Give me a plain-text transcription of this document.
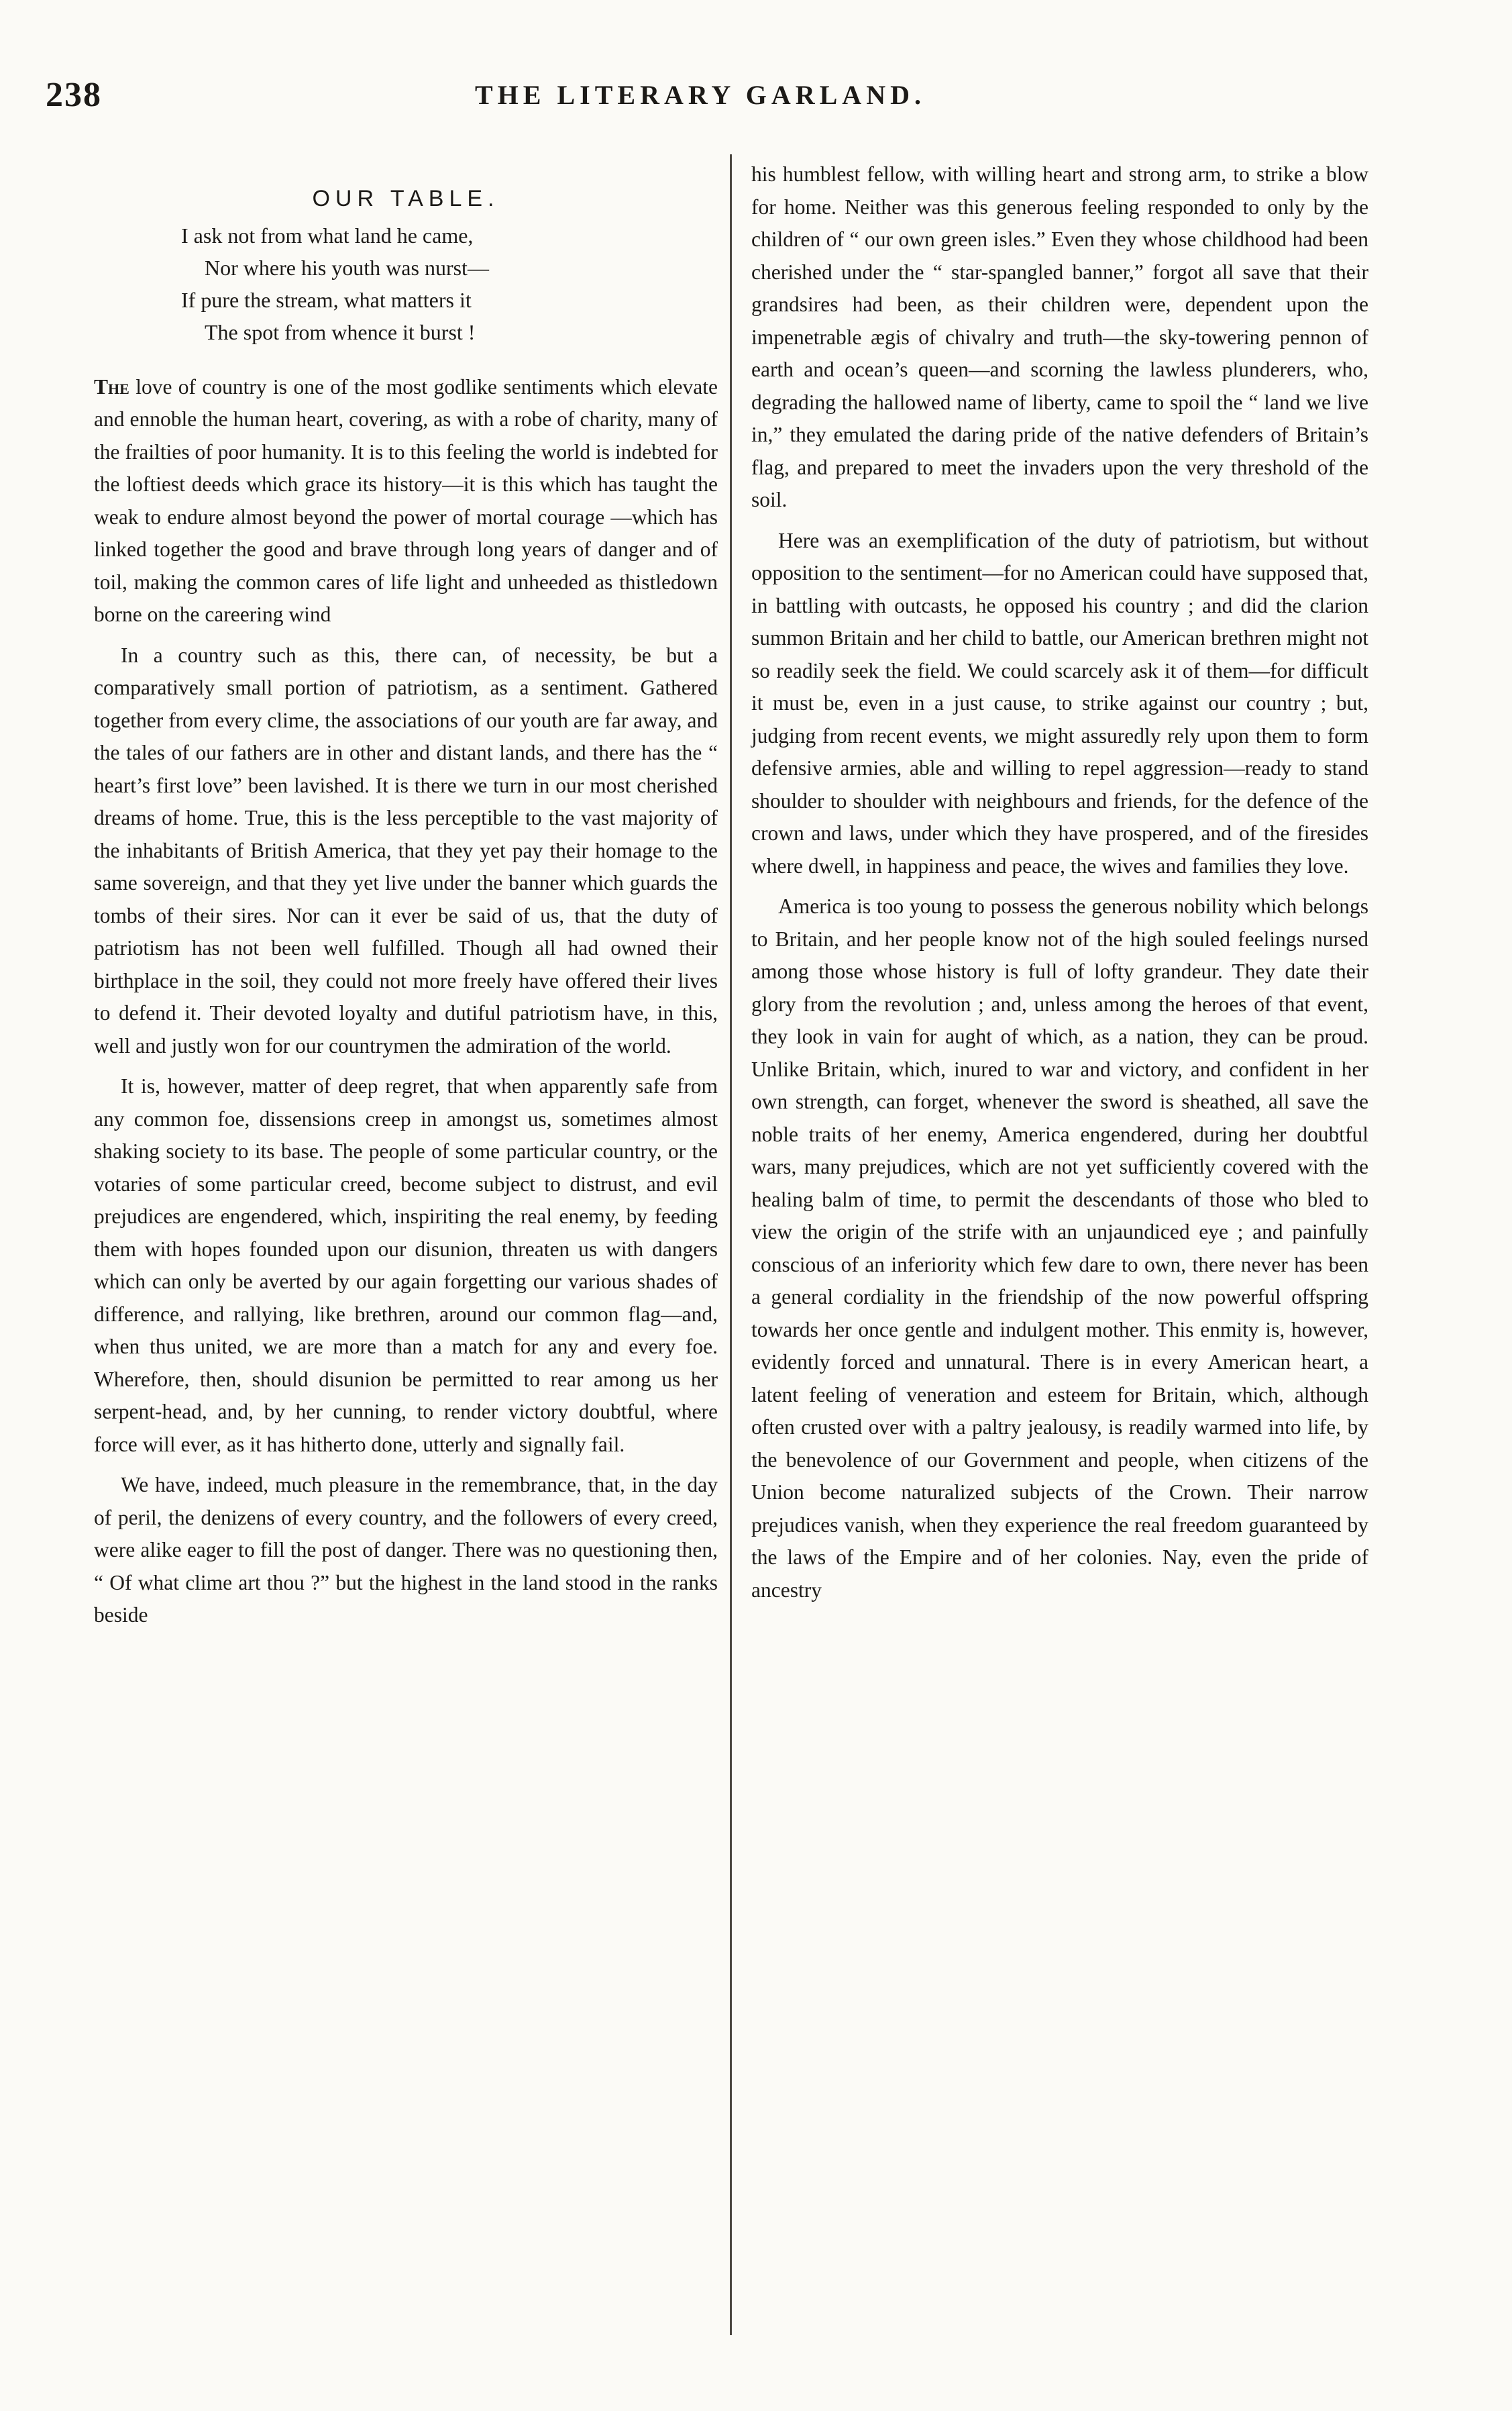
238	THE LITERARY GARLAND.
OUR TABLE.
I ask not from what land he came,
Nor where his youth was nurst—
If pure the stream, what matters it
The spot from whence it burst !

The love of country is one of the most godlike sentiments which elevate and ennoble the human heart, covering, as with a robe of charity, many of the frailties of poor humanity. It is to this feeling the world is indebted for the loftiest deeds which grace its history—it is this which has taught the weak to endure almost beyond the power of mortal courage —which has linked together the good and brave through long years of danger and of toil, making the common cares of life light and unheeded as thistledown borne on the careering wind

In a country such as this, there can, of necessity, be but a comparatively small portion of patriotism, as a sentiment. Gathered together from every clime, the associations of our youth are far away, and the tales of our fathers are in other and distant lands, and there has the “ heart’s first love” been lavished. It is there we turn in our most cherished dreams of home. True, this is the less perceptible to the vast majority of the inhabitants of British America, that they yet pay their homage to the same sovereign, and that they yet live under the banner which guards the tombs of their sires. Nor can it ever be said of us, that the duty of patriotism has not been well fulfilled. Though all had owned their birthplace in the soil, they could not more freely have offered their lives to defend it. Their devoted loyalty and dutiful patriotism have, in this, well and justly won for our countrymen the admiration of the world.

It is, however, matter of deep regret, that when apparently safe from any common foe, dissensions creep in amongst us, sometimes almost shaking society to its base. The people of some particular country, or the votaries of some particular creed, become subject to distrust, and evil prejudices are engendered, which, inspiriting the real enemy, by feeding them with hopes founded upon our disunion, threaten us with dangers which can only be averted by our again forgetting our various shades of difference, and rallying, like brethren, around our common flag—and, when thus united, we are more than a match for any and every foe. Wherefore, then, should disunion be permitted to rear among us her serpent-head, and, by her cunning, to render victory doubtful, where force will ever, as it has hitherto done, utterly and signally fail.

We have, indeed, much pleasure in the remembrance, that, in the day of peril, the denizens of every country, and the followers of every creed, were alike eager to fill the post of danger. There was no questioning then, “ Of what clime art thou ?” but the highest in the land stood in the ranks beside

his humblest fellow, with willing heart and strong arm, to strike a blow for home. Neither was this generous feeling responded to only by the children of “ our own green isles.” Even they whose childhood had been cherished under the “ star-spangled banner,” forgot all save that their grandsires had been, as their children were, dependent upon the impenetrable ægis of chivalry and truth—the sky-towering pennon of earth and ocean’s queen—and scorning the lawless plunderers, who, degrading the hallowed name of liberty, came to spoil the “ land we live in,” they emulated the daring pride of the native defenders of Britain’s flag, and prepared to meet the invaders upon the very threshold of the soil.

Here was an exemplification of the duty of patriotism, but without opposition to the sentiment—for no American could have supposed that, in battling with outcasts, he opposed his country ; and did the clarion summon Britain and her child to battle, our American brethren might not so readily seek the field. We could scarcely ask it of them—for difficult it must be, even in a just cause, to strike against our country ; but, judging from recent events, we might assuredly rely upon them to form defensive armies, able and willing to repel aggression—ready to stand shoulder to shoulder with neighbours and friends, for the defence of the crown and laws, under which they have prospered, and of the firesides where dwell, in happiness and peace, the wives and families they love.

America is too young to possess the generous nobility which belongs to Britain, and her people know not of the high souled feelings nursed among those whose history is full of lofty grandeur. They date their glory from the revolution ; and, unless among the heroes of that event, they look in vain for aught of which, as a nation, they can be proud. Unlike Britain, which, inured to war and victory, and confident in her own strength, can forget, whenever the sword is sheathed, all save the noble traits of her enemy, America engendered, during her doubtful wars, many prejudices, which are not yet sufficiently covered with the healing balm of time, to permit the descendants of those who bled to view the origin of the strife with an unjaundiced eye ; and painfully conscious of an inferiority which few dare to own, there never has been a general cordiality in the friendship of the now powerful offspring towards her once gentle and indulgent mother. This enmity is, however, evidently forced and unnatural. There is in every American heart, a latent feeling of veneration and esteem for Britain, which, although often crusted over with a paltry jealousy, is readily warmed into life, by the benevolence of our Government and people, when citizens of the Union become naturalized subjects of the Crown. Their narrow prejudices vanish, when they experience the real freedom guaranteed by the laws of the Empire and of her colonies. Nay, even the pride of ancestry
